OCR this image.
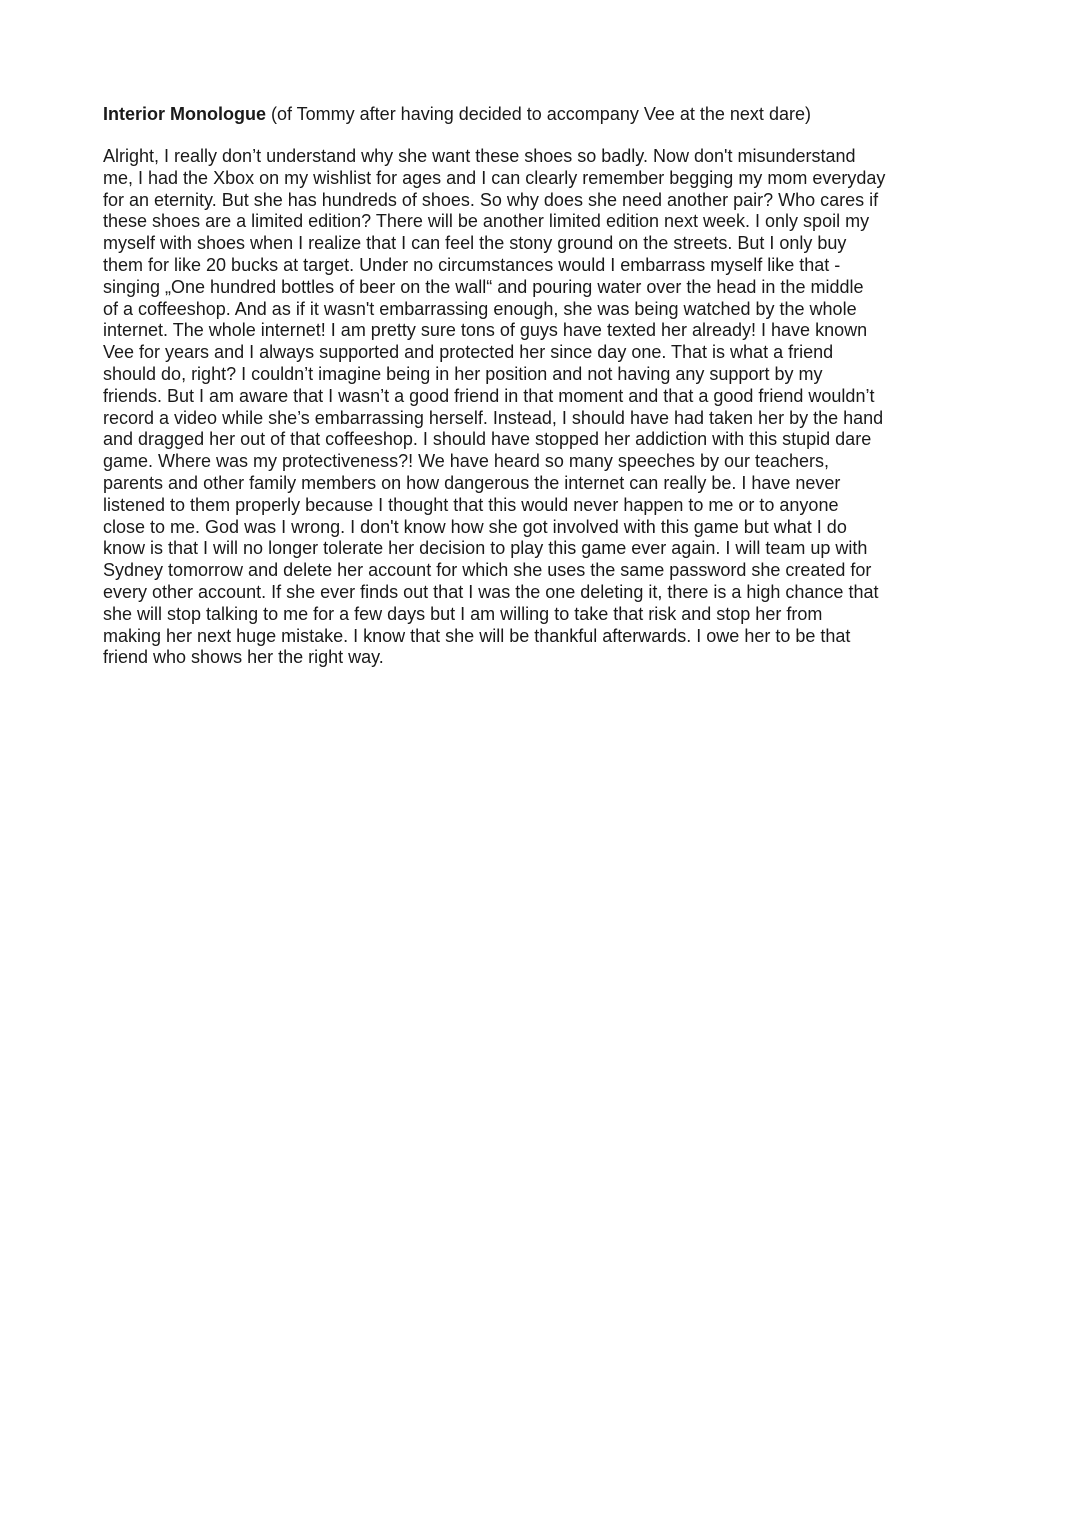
Interior Monologue (of Tommy after having decided to accompany Vee at the next dare)
Alright, I really don’t understand why she want these shoes so badly. Now don't misunderstand
me, I had the Xbox on my wishlist for ages and I can clearly remember begging my mom everyday
for an eternity. But she has hundreds of shoes. So why does she need another pair? Who cares if
these shoes are a limited edition? There will be another limited edition next week. I only spoil my
myself with shoes when I realize that I can feel the stony ground on the streets. But I only buy
them for like 20 bucks at target. Under no circumstances would I embarrass myself like that -
singing „One hundred bottles of beer on the wall“ and pouring water over the head in the middle
of a coffeeshop. And as if it wasn't embarrassing enough, she was being watched by the whole
internet. The whole internet! I am pretty sure tons of guys have texted her already! I have known
Vee for years and I always supported and protected her since day one. That is what a friend
should do, right? I couldn’t imagine being in her position and not having any support by my
friends. But I am aware that I wasn’t a good friend in that moment and that a good friend wouldn’t
record a video while she’s embarrassing herself. Instead, I should have had taken her by the hand
and dragged her out of that coffeeshop. I should have stopped her addiction with this stupid dare
game. Where was my protectiveness?! We have heard so many speeches by our teachers,
parents and other family members on how dangerous the internet can really be. I have never
listened to them properly because I thought that this would never happen to me or to anyone
close to me. God was I wrong. I don't know how she got involved with this game but what I do
know is that I will no longer tolerate her decision to play this game ever again. I will team up with
Sydney tomorrow and delete her account for which she uses the same password she created for
every other account. If she ever finds out that I was the one deleting it, there is a high chance that
she will stop talking to me for a few days but I am willing to take that risk and stop her from
making her next huge mistake. I know that she will be thankful afterwards. I owe her to be that
friend who shows her the right way.
